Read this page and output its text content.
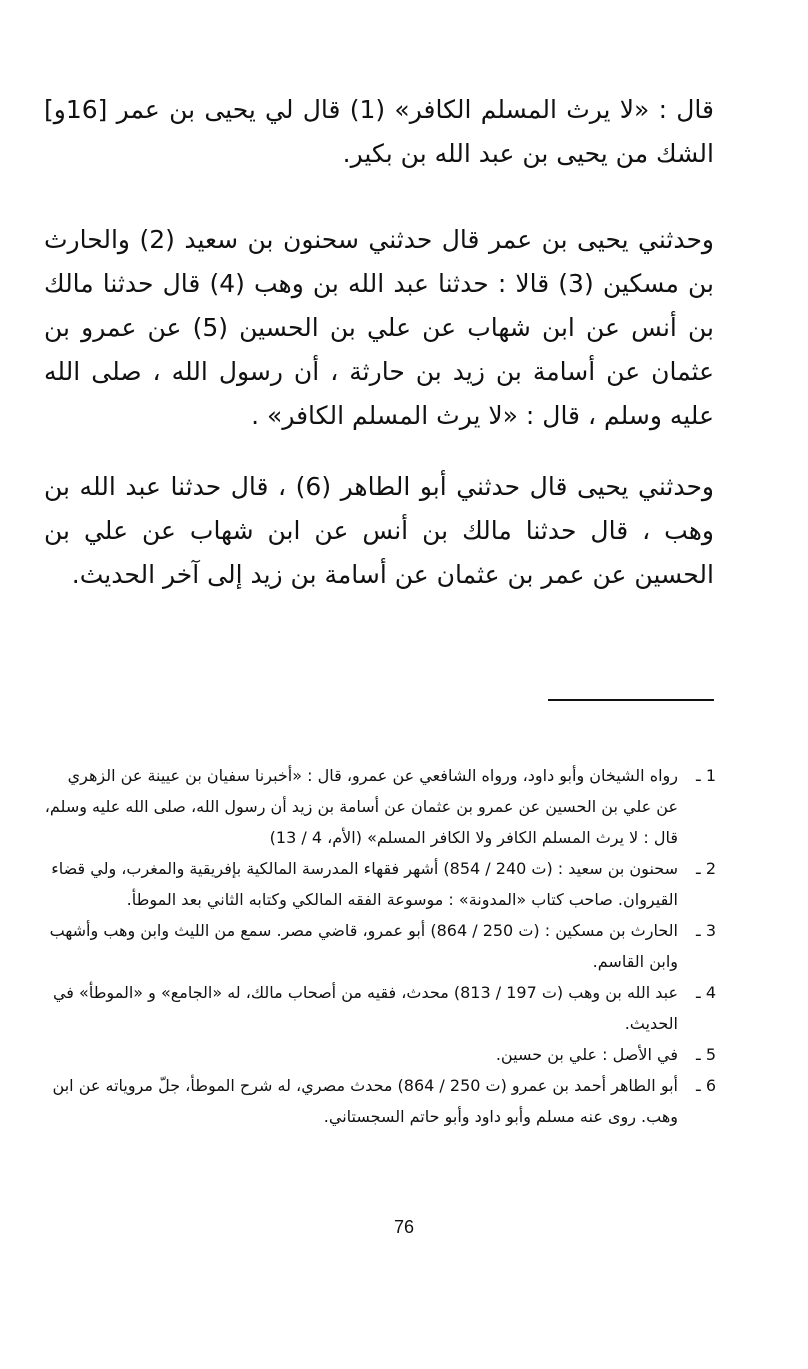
قال : «لا يرث المسلم الكافر» (1) قال لي يحيى بن عمر [16و] الشك من يحيى بن عبد الله بن بكير.
وحدثني يحيى بن عمر قال حدثني سحنون بن سعيد (2) والحارث بن مسكين (3) قالا : حدثنا عبد الله بن وهب (4) قال حدثنا مالك بن أنس عن ابن شهاب عن علي بن الحسين (5) عن عمرو بن عثمان عن أسامة بن زيد بن حارثة ، أن رسول الله ، صلى الله عليه وسلم ، قال : «لا يرث المسلم الكافر» .
وحدثني يحيى قال حدثني أبو الطاهر (6) ، قال حدثنا عبد الله بن وهب ، قال حدثنا مالك بن أنس عن ابن شهاب عن علي بن الحسين عن عمر بن عثمان عن أسامة بن زيد إلى آخر الحديث.
1 ـ
رواه الشيخان وأبو داود، ورواه الشافعي عن عمرو، قال : «أخبرنا سفيان بن عيينة عن الزهري عن علي بن الحسين عن عمرو بن عثمان عن أسامة بن زيد أن رسول الله، صلى الله عليه وسلم، قال : لا يرث المسلم الكافر ولا الكافر المسلم» (الأم، 4 / 13)
2 ـ
سحنون بن سعيد : (ت 240 / 854) أشهر فقهاء المدرسة المالكية بإفريقية والمغرب، ولي قضاء القيروان. صاحب كتاب «المدونة» : موسوعة الفقه المالكي وكتابه الثاني بعد الموطأ.
3 ـ
الحارث بن مسكين : (ت 250 / 864) أبو عمرو، قاضي مصر. سمع من الليث وابن وهب وأشهب وابن القاسم.
4 ـ
عبد الله بن وهب (ت 197 / 813) محدث، فقيه من أصحاب مالك، له «الجامع» و «الموطأ» في الحديث.
5 ـ
في الأصل : علي بن حسين.
6 ـ
أبو الطاهر أحمد بن عمرو (ت 250 / 864) محدث مصري، له شرح الموطأ، جلّ مروياته عن ابن وهب. روى عنه مسلم وأبو داود وأبو حاتم السجستاني.
76
